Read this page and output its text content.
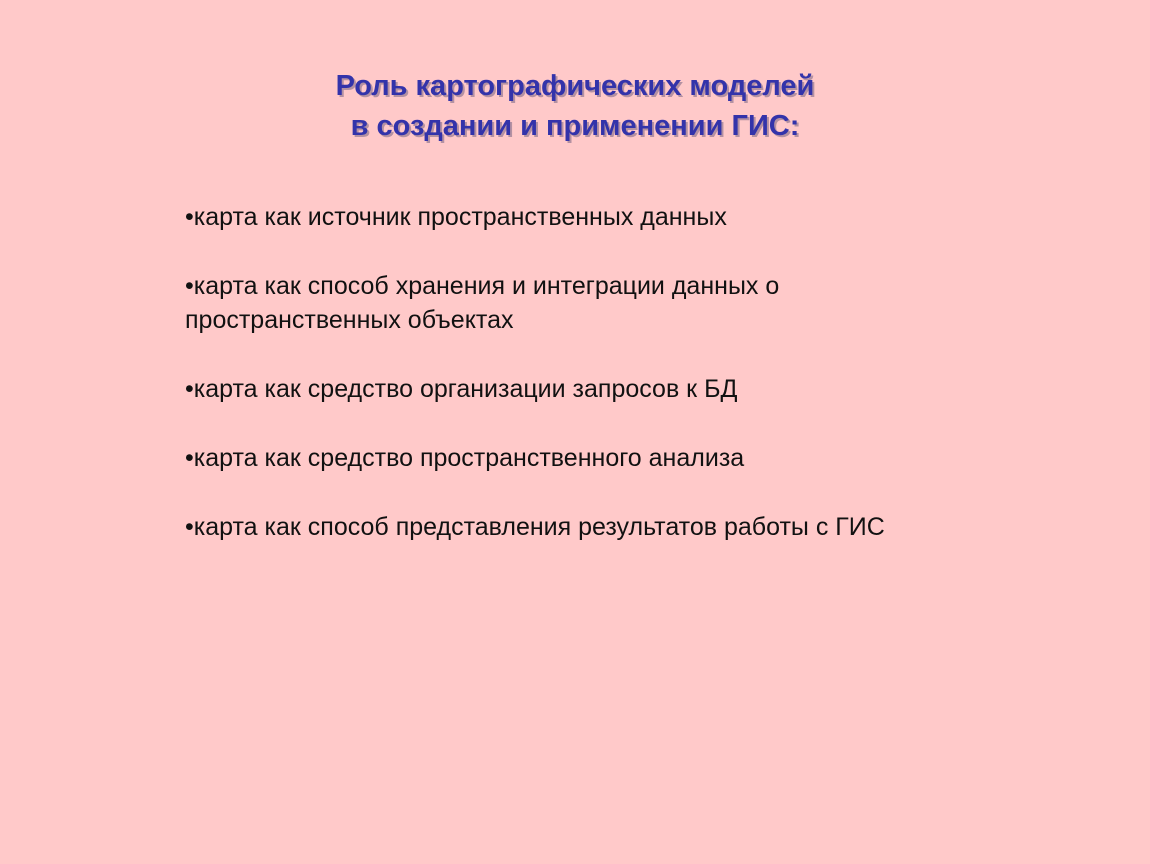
Роль картографических моделей
в создании и применении ГИС:
•карта как источник пространственных данных
•карта как способ хранения и интеграции данных о пространственных объектах
•карта как средство организации запросов к БД
•карта как средство пространственного анализа
•карта как способ представления результатов работы с ГИС
